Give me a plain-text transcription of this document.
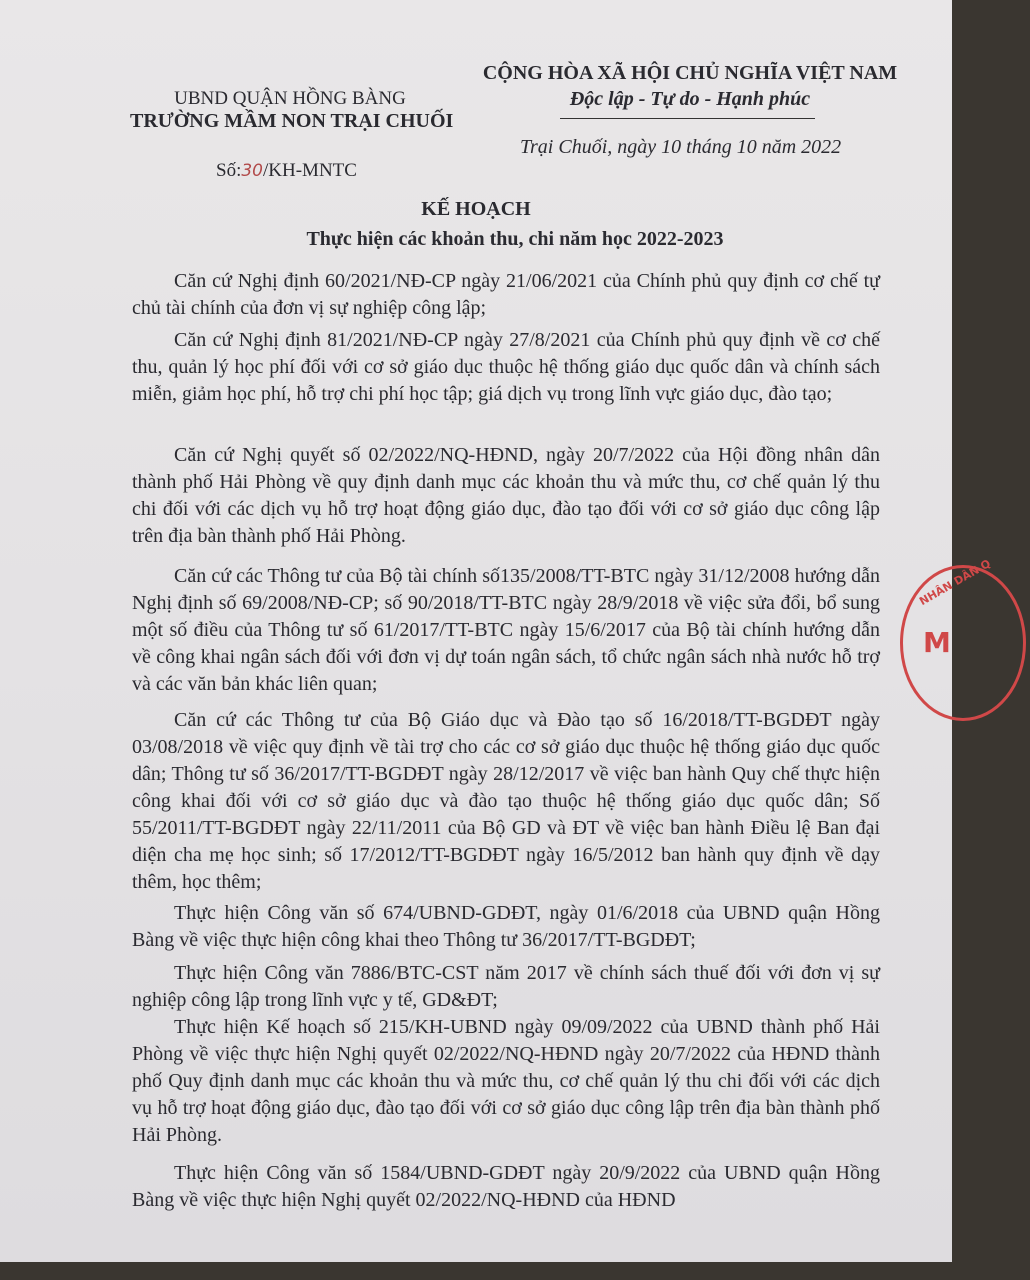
UBND QUẬN HỒNG BÀNG
TRƯỜNG MẦM NON TRẠI CHUỐI
CỘNG HÒA XÃ HỘI CHỦ NGHĨA VIỆT NAM
Độc lập - Tự do - Hạnh phúc
Số:30/KH-MNTC
Trại Chuối, ngày 10 tháng 10 năm 2022
KẾ HOẠCH
Thực hiện các khoản thu, chi năm học 2022-2023
Căn cứ Nghị định 60/2021/NĐ-CP ngày 21/06/2021 của Chính phủ quy định cơ chế tự chủ tài chính của đơn vị sự nghiệp công lập;
Căn cứ Nghị định 81/2021/NĐ-CP ngày 27/8/2021 của Chính phủ quy định về cơ chế thu, quản lý học phí đối với cơ sở giáo dục thuộc hệ thống giáo dục quốc dân và chính sách miễn, giảm học phí, hỗ trợ chi phí học tập; giá dịch vụ trong lĩnh vực giáo dục, đào tạo;
Căn cứ Nghị quyết số 02/2022/NQ-HĐND, ngày 20/7/2022 của Hội đồng nhân dân thành phố Hải Phòng về quy định danh mục các khoản thu và mức thu, cơ chế quản lý thu chi đối với các dịch vụ hỗ trợ hoạt động giáo dục, đào tạo đối với cơ sở giáo dục công lập trên địa bàn thành phố Hải Phòng.
Căn cứ các Thông tư của Bộ tài chính số135/2008/TT-BTC ngày 31/12/2008 hướng dẫn Nghị định số 69/2008/NĐ-CP; số 90/2018/TT-BTC ngày 28/9/2018 về việc sửa đổi, bổ sung một số điều của Thông tư số 61/2017/TT-BTC ngày 15/6/2017 của Bộ tài chính hướng dẫn về công khai ngân sách đối với đơn vị dự toán ngân sách, tổ chức ngân sách nhà nước hỗ trợ và các văn bản khác liên quan;
Căn cứ các Thông tư của Bộ Giáo dục và Đào tạo số 16/2018/TT-BGDĐT ngày 03/08/2018 về việc quy định về tài trợ cho các cơ sở giáo dục thuộc hệ thống giáo dục quốc dân; Thông tư số 36/2017/TT-BGDĐT ngày 28/12/2017 về việc ban hành Quy chế thực hiện công khai đối với cơ sở giáo dục và đào tạo thuộc hệ thống giáo dục quốc dân; Số 55/2011/TT-BGDĐT ngày 22/11/2011 của Bộ GD và ĐT về việc ban hành Điều lệ Ban đại diện cha mẹ học sinh; số 17/2012/TT-BGDĐT ngày 16/5/2012 ban hành quy định về dạy thêm, học thêm;
Thực hiện Công văn số 674/UBND-GDĐT, ngày 01/6/2018 của UBND quận Hồng Bàng về việc thực hiện công khai theo Thông tư 36/2017/TT-BGDĐT;
Thực hiện Công văn 7886/BTC-CST năm 2017 về chính sách thuế đối với đơn vị sự nghiệp công lập trong lĩnh vực y tế, GD&ĐT;
Thực hiện Kế hoạch số 215/KH-UBND ngày 09/09/2022 của UBND thành phố Hải Phòng về việc thực hiện Nghị quyết 02/2022/NQ-HĐND ngày 20/7/2022 của HĐND thành phố Quy định danh mục các khoản thu và mức thu, cơ chế quản lý thu chi đối với các dịch vụ hỗ trợ hoạt động giáo dục, đào tạo đối với cơ sở giáo dục công lập trên địa bàn thành phố Hải Phòng.
Thực hiện Công văn số 1584/UBND-GDĐT ngày 20/9/2022 của UBND quận Hồng Bàng về việc thực hiện Nghị quyết 02/2022/NQ-HĐND của HĐND
NHÂN DÂN Q
M
